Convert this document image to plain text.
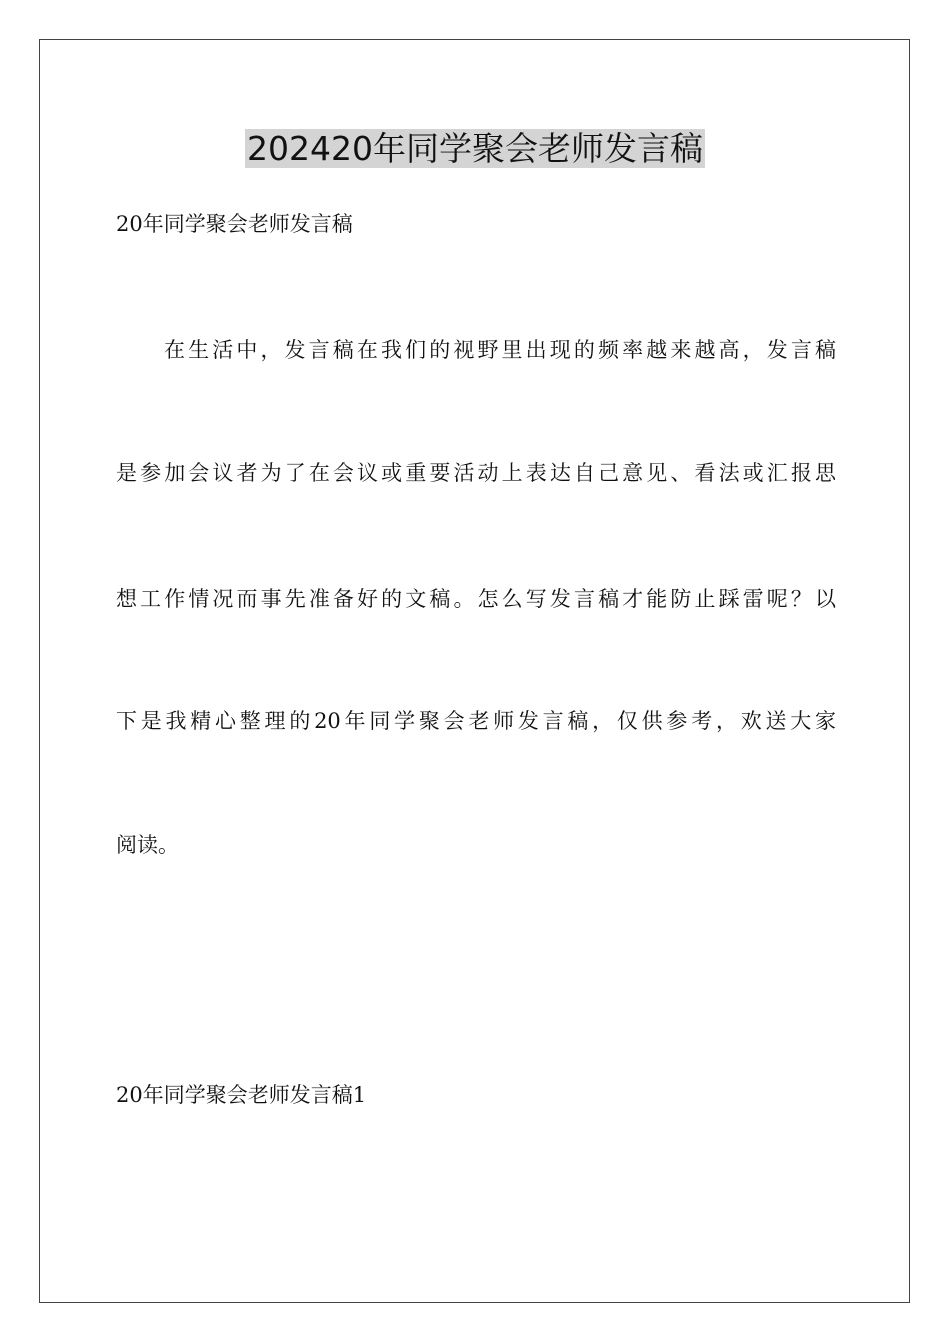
202420年同学聚会老师发言稿

20年同学聚会老师发言稿

在生活中，发言稿在我们的视野里出现的频率越来越高，发言稿

是参加会议者为了在会议或重要活动上表达自己意见、看法或汇报思

想工作情况而事先准备好的文稿。怎么写发言稿才能防止踩雷呢？以

下是我精心整理的20年同学聚会老师发言稿，仅供参考，欢送大家

阅读。

20年同学聚会老师发言稿1
